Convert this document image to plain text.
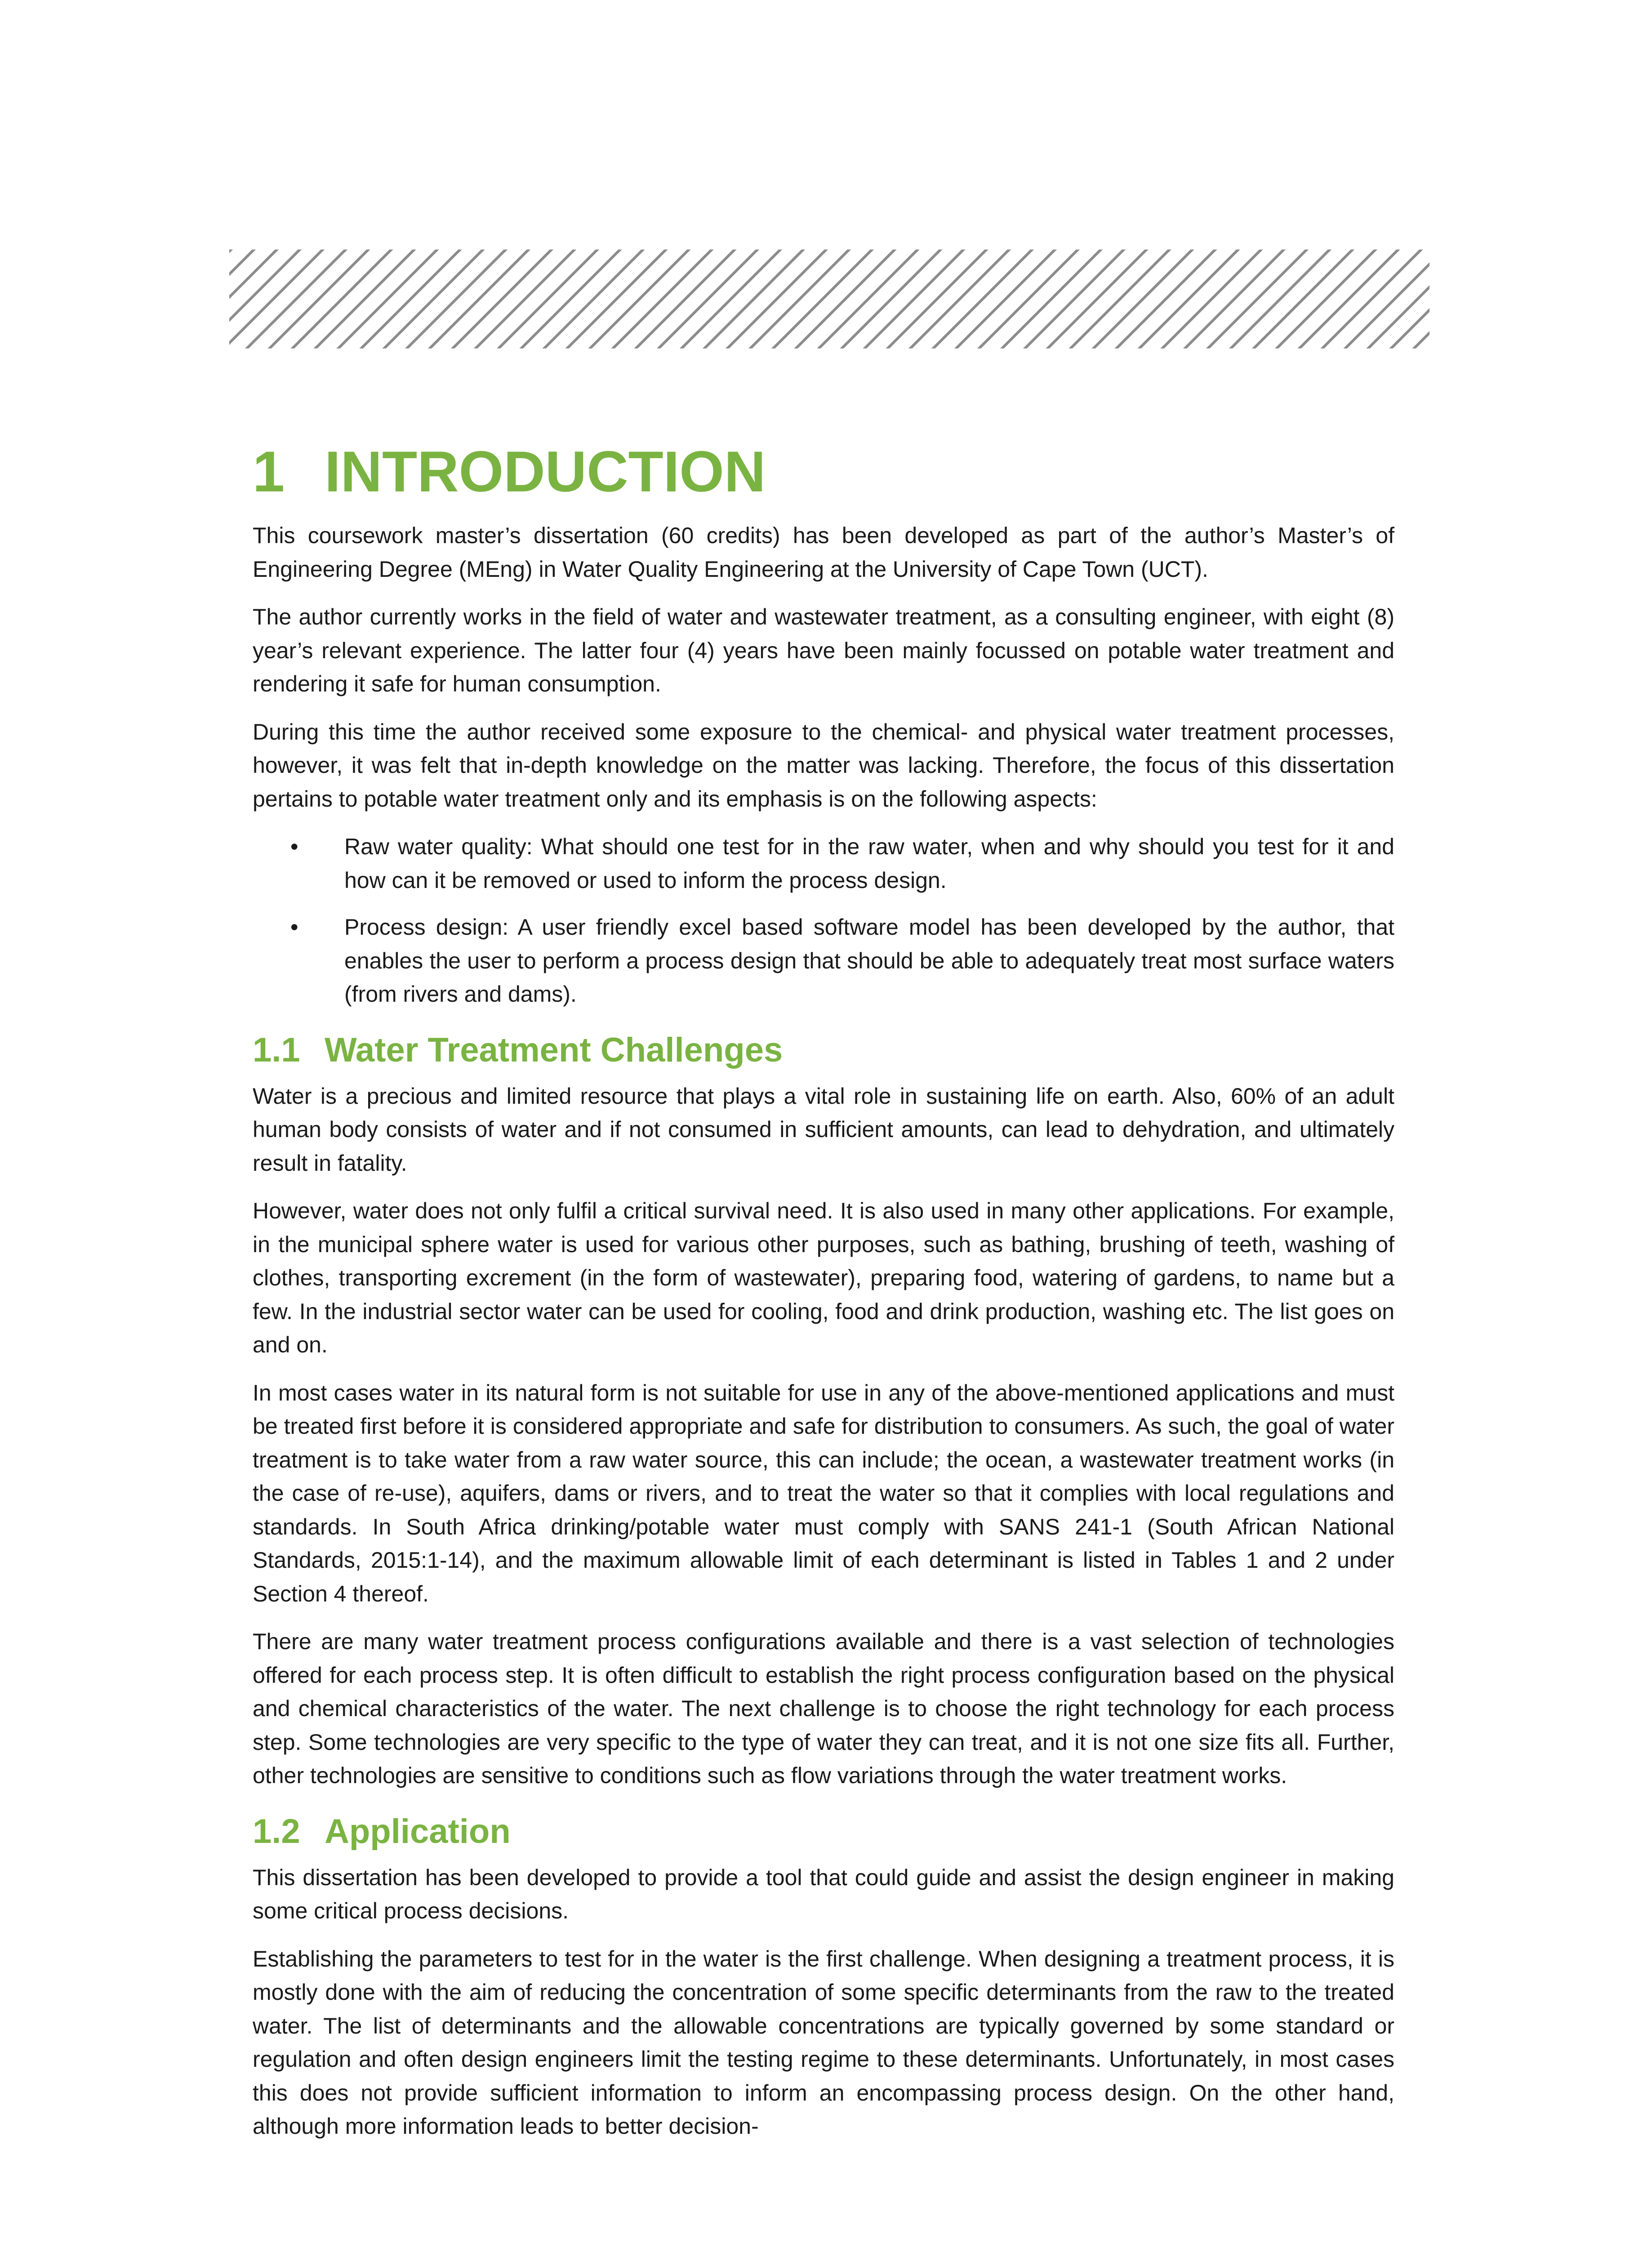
1 INTRODUCTION

This coursework master’s dissertation (60 credits) has been developed as part of the author’s Master’s of Engineering Degree (MEng) in Water Quality Engineering at the University of Cape Town (UCT).

The author currently works in the field of water and wastewater treatment, as a consulting engineer, with eight (8) year’s relevant experience. The latter four (4) years have been mainly focussed on potable water treatment and rendering it safe for human consumption.

During this time the author received some exposure to the chemical- and physical water treatment processes, however, it was felt that in-depth knowledge on the matter was lacking. Therefore, the focus of this dissertation pertains to potable water treatment only and its emphasis is on the following aspects:

• Raw water quality: What should one test for in the raw water, when and why should you test for it and how can it be removed or used to inform the process design.
• Process design: A user friendly excel based software model has been developed by the author, that enables the user to perform a process design that should be able to adequately treat most surface waters (from rivers and dams).
1.1 Water Treatment Challenges

Water is a precious and limited resource that plays a vital role in sustaining life on earth. Also, 60% of an adult human body consists of water and if not consumed in sufficient amounts, can lead to dehydration, and ultimately result in fatality.

However, water does not only fulfil a critical survival need. It is also used in many other applications. For example, in the municipal sphere water is used for various other purposes, such as bathing, brushing of teeth, washing of clothes, transporting excrement (in the form of wastewater), preparing food, watering of gardens, to name but a few. In the industrial sector water can be used for cooling, food and drink production, washing etc. The list goes on and on.

In most cases water in its natural form is not suitable for use in any of the above-mentioned applications and must be treated first before it is considered appropriate and safe for distribution to consumers. As such, the goal of water treatment is to take water from a raw water source, this can include; the ocean, a wastewater treatment works (in the case of re-use), aquifers, dams or rivers, and to treat the water so that it complies with local regulations and standards. In South Africa drinking/potable water must comply with SANS 241-1 (South African National Standards, 2015:1-14), and the maximum allowable limit of each determinant is listed in Tables 1 and 2 under Section 4 thereof.

There are many water treatment process configurations available and there is a vast selection of technologies offered for each process step. It is often difficult to establish the right process configuration based on the physical and chemical characteristics of the water. The next challenge is to choose the right technology for each process step. Some technologies are very specific to the type of water they can treat, and it is not one size fits all. Further, other technologies are sensitive to conditions such as flow variations through the water treatment works.

1.2 Application

This dissertation has been developed to provide a tool that could guide and assist the design engineer in making some critical process decisions.

Establishing the parameters to test for in the water is the first challenge. When designing a treatment process, it is mostly done with the aim of reducing the concentration of some specific determinants from the raw to the treated water. The list of determinants and the allowable concentrations are typically governed by some standard or regulation and often design engineers limit the testing regime to these determinants. Unfortunately, in most cases this does not provide sufficient information to inform an encompassing process design. On the other hand, although more information leads to better decision-
